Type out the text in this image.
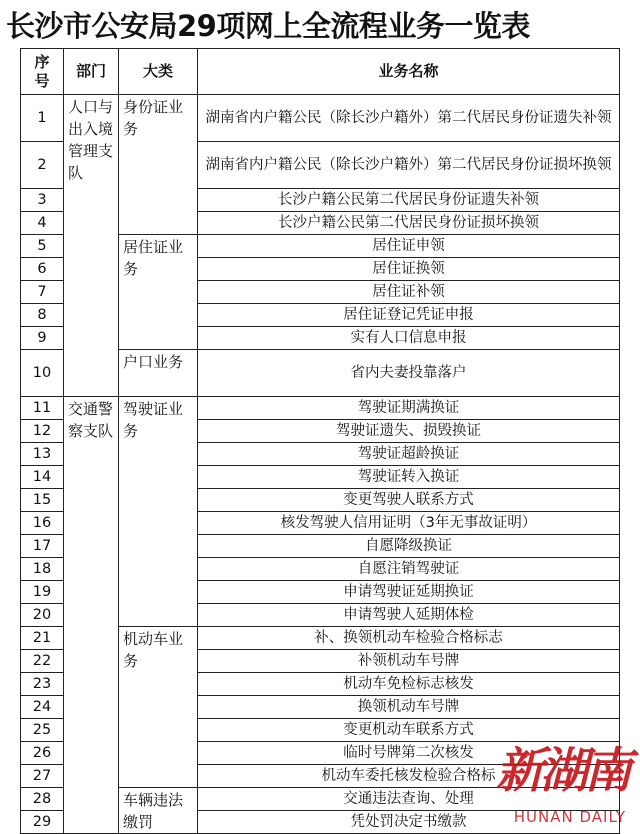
长沙市公安局29项网上全流程业务一览表
序号	部门	大类	业务名称
1	人口与出入境管理支队	身份证业务	湖南省内户籍公民（除长沙户籍外）第二代居民身份证遗失补领
2			湖南省内户籍公民（除长沙户籍外）第二代居民身份证损坏换领
3			长沙户籍公民第二代居民身份证遗失补领
4			长沙户籍公民第二代居民身份证损坏换领
5		居住证业务	居住证申领
6			居住证换领
7			居住证补领
8			居住证登记凭证申报
9			实有人口信息申报
10		户口业务	省内夫妻投靠落户
11	交通警察支队	驾驶证业务	驾驶证期满换证
12			驾驶证遗失、损毁换证
13			驾驶证超龄换证
14			驾驶证转入换证
15			变更驾驶人联系方式
16			核发驾驶人信用证明（3年无事故证明）
17			自愿降级换证
18			自愿注销驾驶证
19			申请驾驶证延期换证
20			申请驾驶人延期体检
21		机动车业务	补、换领机动车检验合格标志
22			补领机动车号牌
23			机动车免检标志核发
24			换领机动车号牌
25			变更机动车联系方式
26			临时号牌第二次核发
27			机动车委托核发检验合格标
28		车辆违法缴罚	交通违法查询、处理
29			凭处罚决定书缴款
新湖南
HUNAN DAILY
